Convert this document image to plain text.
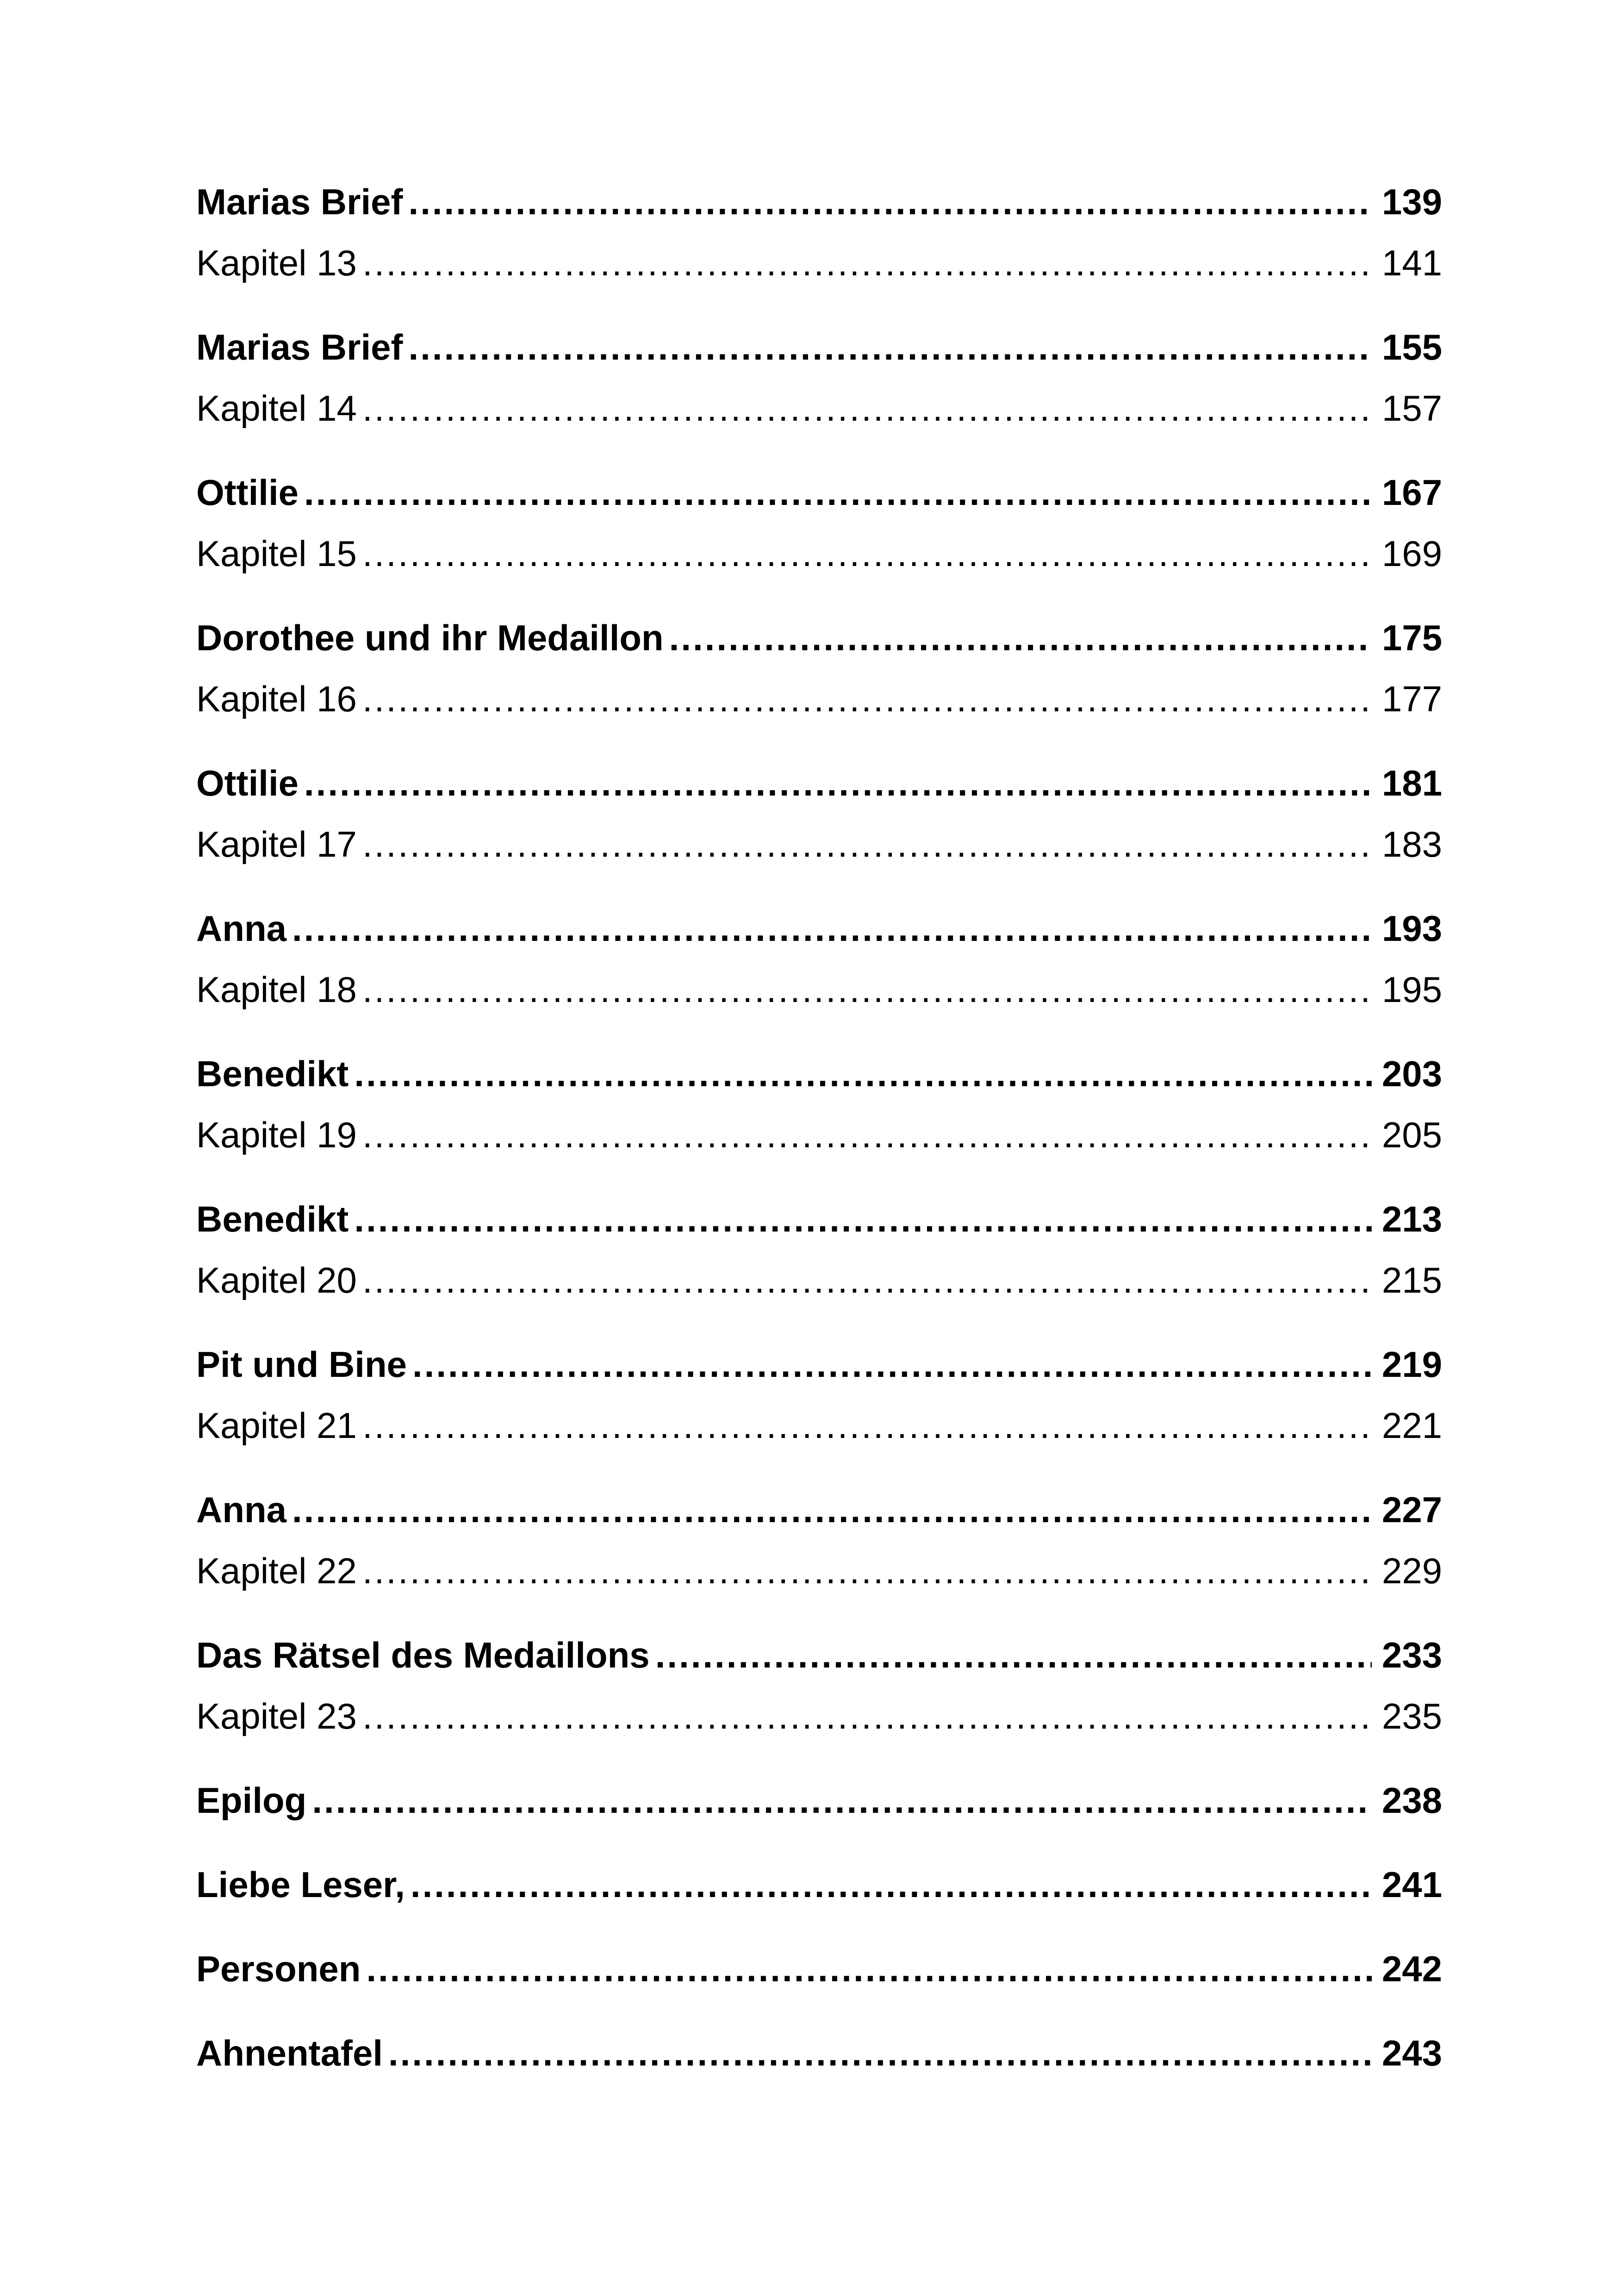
Marias Brief .....	139
Kapitel 13 .....	141
Marias Brief .....	155
Kapitel 14 .....	157
Ottilie .....	167
Kapitel 15 .....	169
Dorothee und ihr Medaillon .....	175
Kapitel 16 .....	177
Ottilie .....	181
Kapitel 17 .....	183
Anna .....	193
Kapitel 18 .....	195
Benedikt .....	203
Kapitel 19 .....	205
Benedikt .....	213
Kapitel 20 .....	215
Pit und Bine .....	219
Kapitel 21 .....	221
Anna .....	227
Kapitel 22 .....	229
Das Rätsel des Medaillons .....	233
Kapitel 23 .....	235
Epilog .....	238
Liebe Leser, .....	241
Personen .....	242
Ahnentafel .....	243
